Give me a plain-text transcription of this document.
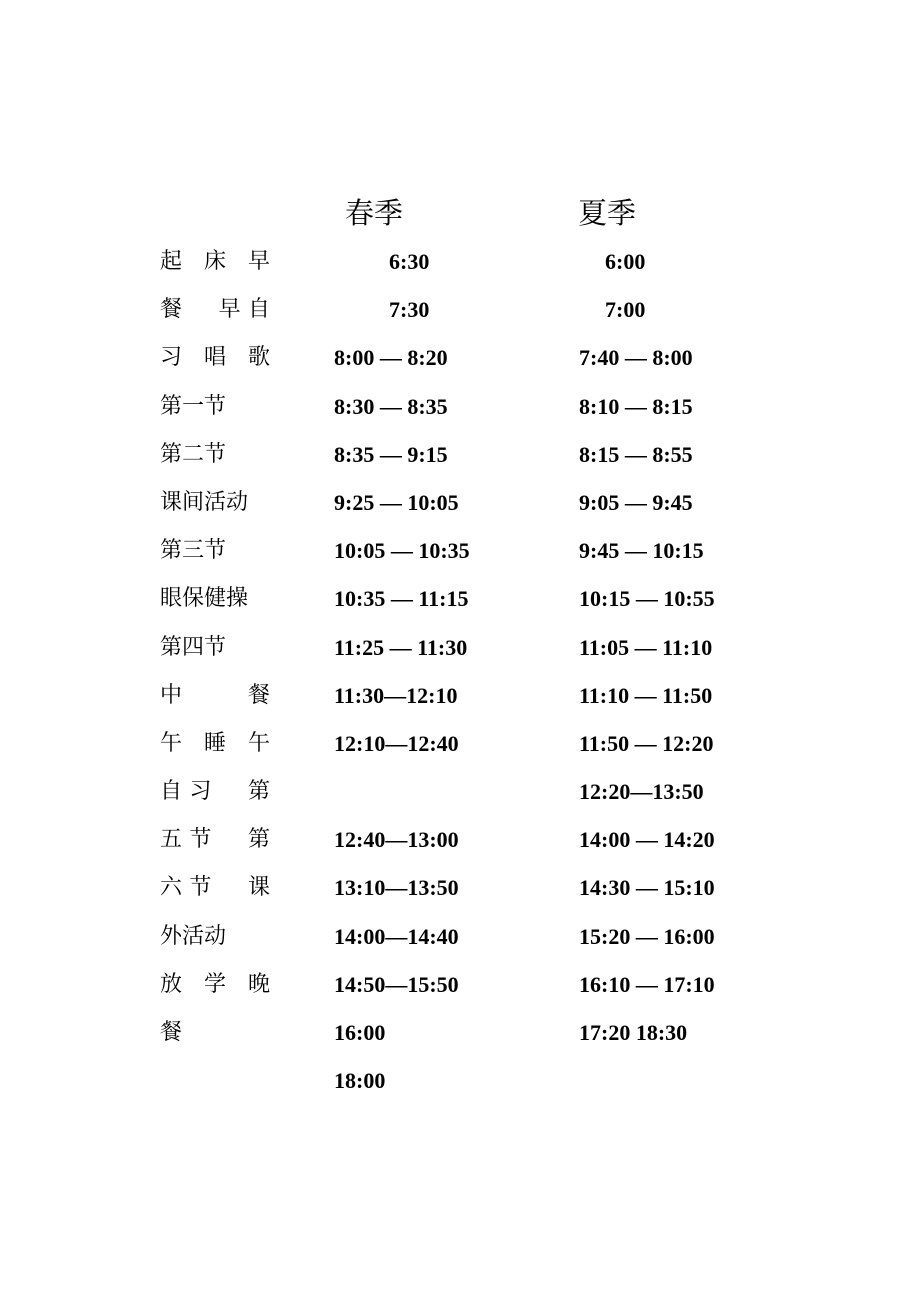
春季	夏季
起 床 早
餐　早自
习 唱 歌
第一节
第二节
课间活动
第三节
眼保健操
第四节
中　　餐
午 睡 午
自习　第
五节　第
六节　课
外活动
放 学 晚
餐
6:30
7:30
8:00 — 8:20
8:30 — 8:35
8:35 — 9:15
9:25 — 10:05
10:05 — 10:35
10:35 — 11:15
11:25 — 11:30
11:30—12:10
12:10—12:40
12:40—13:00
13:10—13:50
14:00—14:40
14:50—15:50
16:00
18:00
6:00
7:00
7:40 — 8:00
8:10 — 8:15
8:15 — 8:55
9:05 — 9:45
9:45 — 10:15
10:15 — 10:55
11:05 — 11:10
11:10 — 11:50
11:50 — 12:20
12:20—13:50
14:00 — 14:20
14:30 — 15:10
15:20 — 16:00
16:10 — 17:10
17:20 18:30
